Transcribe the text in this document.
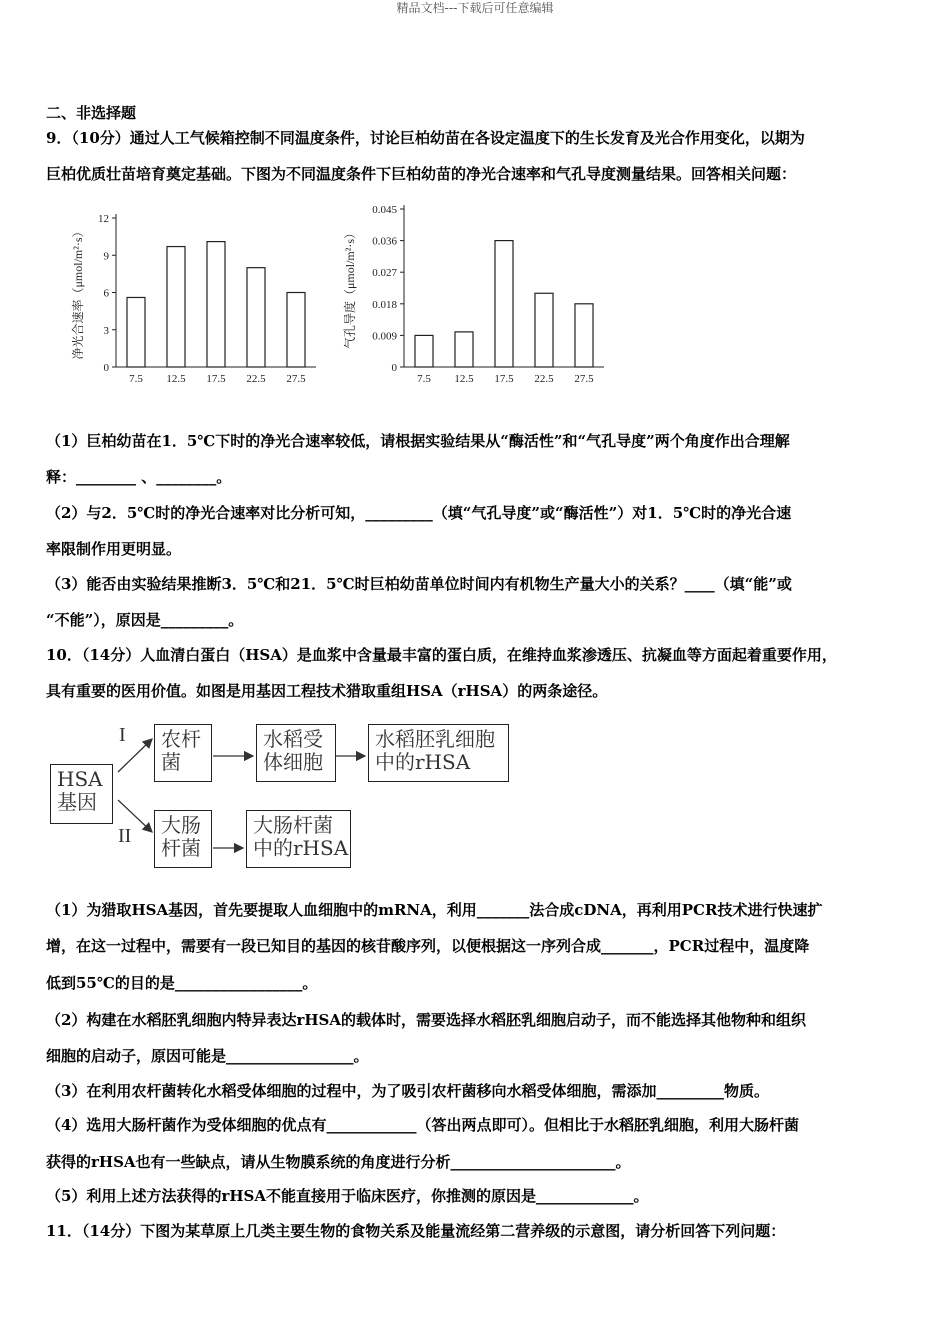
精品文档---下载后可任意编辑
二、非选择题
9．（10分）通过人工气候箱控制不同温度条件，讨论巨柏幼苗在各设定温度下的生长发育及光合作用变化，以期为
巨柏优质壮苗培育奠定基础。下图为不同温度条件下巨柏幼苗的净光合速率和气孔导度测量结果。回答相关问题：
净光合速率（μmol/m²·s）
0
3
6
9
12
7.5 12.5 17.5 22.5 27.5
气孔导度（μmol/m²·s）
0
0.009
0.018
0.027
0.036
0.045
7.5 12.5 17.5 22.5 27.5
（1）巨柏幼苗在1．5℃下时的净光合速率较低，请根据实验结果从“酶活性”和“气孔导度”两个角度作出合理解
释：________ 、________。
（2）与2．5℃时的净光合速率对比分析可知，_________（填“气孔导度”或“酶活性”）对1．5℃时的净光合速
率限制作用更明显。
（3）能否由实验结果推断3．5℃和21．5℃时巨柏幼苗单位时间内有机物生产量大小的关系？____（填“能”或
“不能”），原因是_________。
10．（14分）人血清白蛋白（HSA）是血浆中含量最丰富的蛋白质，在维持血浆渗透压、抗凝血等方面起着重要作用，
具有重要的医用价值。如图是用基因工程技术猎取重组HSA（rHSA）的两条途径。
HSA
基因
I
II
农杆
菌
水稻受
体细胞
水稻胚乳细胞
中的rHSA
大肠
杆菌
大肠杆菌
中的rHSA
（1）为猎取HSA基因，首先要提取人血细胞中的mRNA，利用_______法合成cDNA，再利用PCR技术进行快速扩
增，在这一过程中，需要有一段已知目的基因的核苷酸序列，以便根据这一序列合成_______，PCR过程中，温度降
低到55℃的目的是_________________。
（2）构建在水稻胚乳细胞内特异表达rHSA的载体时，需要选择水稻胚乳细胞启动子，而不能选择其他物种和组织
细胞的启动子，原因可能是_________________。
（3）在利用农杆菌转化水稻受体细胞的过程中，为了吸引农杆菌移向水稻受体细胞，需添加_________物质。
（4）选用大肠杆菌作为受体细胞的优点有____________（答出两点即可）。但相比于水稻胚乳细胞，利用大肠杆菌
获得的rHSA也有一些缺点，请从生物膜系统的角度进行分析______________________。
（5）利用上述方法获得的rHSA不能直接用于临床医疗，你推测的原因是_____________。
11．（14分）下图为某草原上几类主要生物的食物关系及能量流经第二营养级的示意图，请分析回答下列问题：
